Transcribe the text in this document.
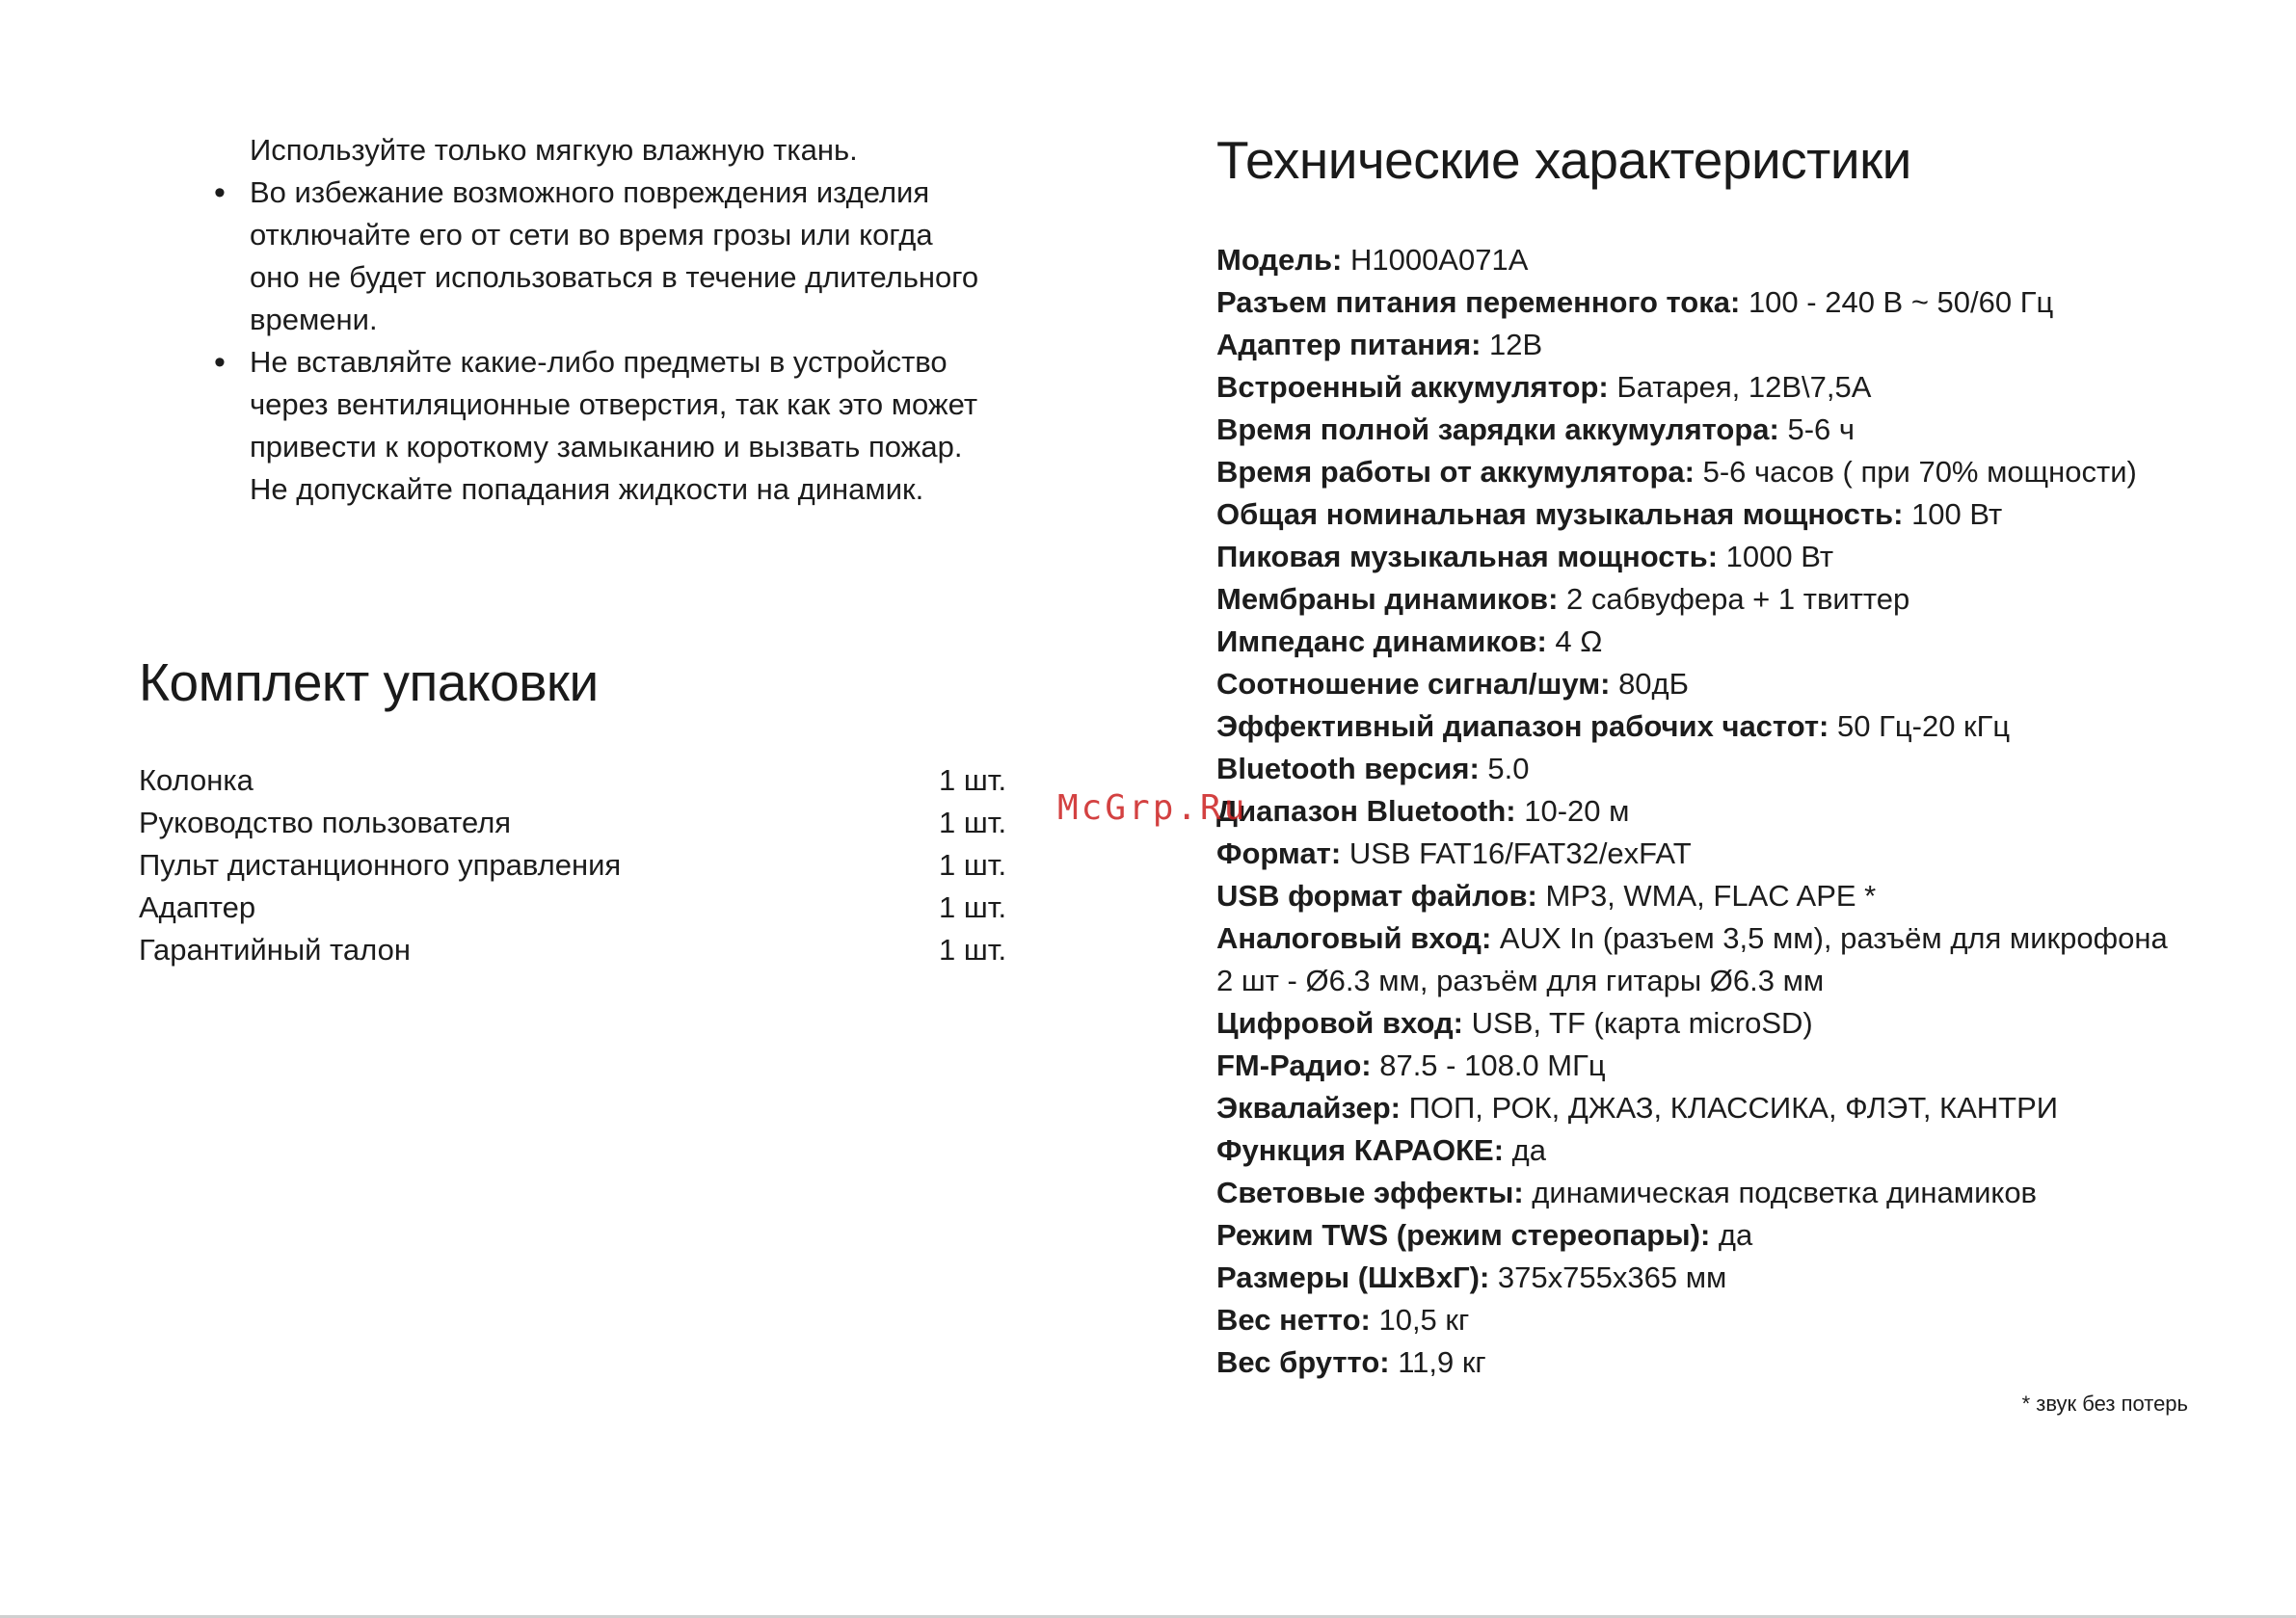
Используйте только мягкую влажную ткань.
• Во избежание возможного повреждения изделия
отключайте его от сети во время грозы или когда
оно не будет использоваться в течение длительного
времени.
• Не вставляйте какие-либо предметы в устройство
через вентиляционные отверстия, так как это может
привести к короткому замыканию и вызвать пожар.
Не допускайте попадания жидкости на динамик.
Комплект упаковки
Колонка	1 шт.
Руководство пользователя	1 шт.
Пульт дистанционного управления	1 шт.
Адаптер	1 шт.
Гарантийный талон	1 шт.
Технические характеристики
Модель: H1000A071A
Разъем питания переменного тока: 100 - 240 В ~ 50/60 Гц
Адаптер питания: 12В
Встроенный аккумулятор: Батарея, 12В\7,5А
Время полной зарядки аккумулятора: 5-6 ч
Время работы от аккумулятора: 5-6 часов ( при 70% мощности)
Общая номинальная музыкальная мощность: 100 Вт
Пиковая музыкальная мощность: 1000 Вт
Мембраны динамиков: 2 сабвуфера + 1 твиттер
Импеданс динамиков: 4 Ω
Соотношение сигнал/шум: 80дБ
Эффективный диапазон рабочих частот: 50 Гц-20 кГц
Bluetooth версия: 5.0
Диапазон Bluetooth: 10-20 м
Формат: USB FAT16/FAT32/exFAT
USB формат файлов: MP3, WMA, FLAC APE *
Аналоговый вход: AUX In (разъем 3,5 мм), разъём для микрофона 2 шт - Ø6.3 мм, разъём для гитары Ø6.3 мм
Цифровой вход: USB, TF (карта microSD)
FM-Радио: 87.5 - 108.0 МГц
Эквалайзер: ПОП, РОК, ДЖАЗ, КЛАССИКА, ФЛЭТ, КАНТРИ
Функция КАРАОКЕ: да
Световые эффекты: динамическая подсветка динамиков
Режим TWS (режим стереопары): да
Размеры (ШxВxГ): 375x755x365 мм
Вес нетто: 10,5 кг
Вес брутто: 11,9 кг
* звук без потерь
McGrp.Ru
